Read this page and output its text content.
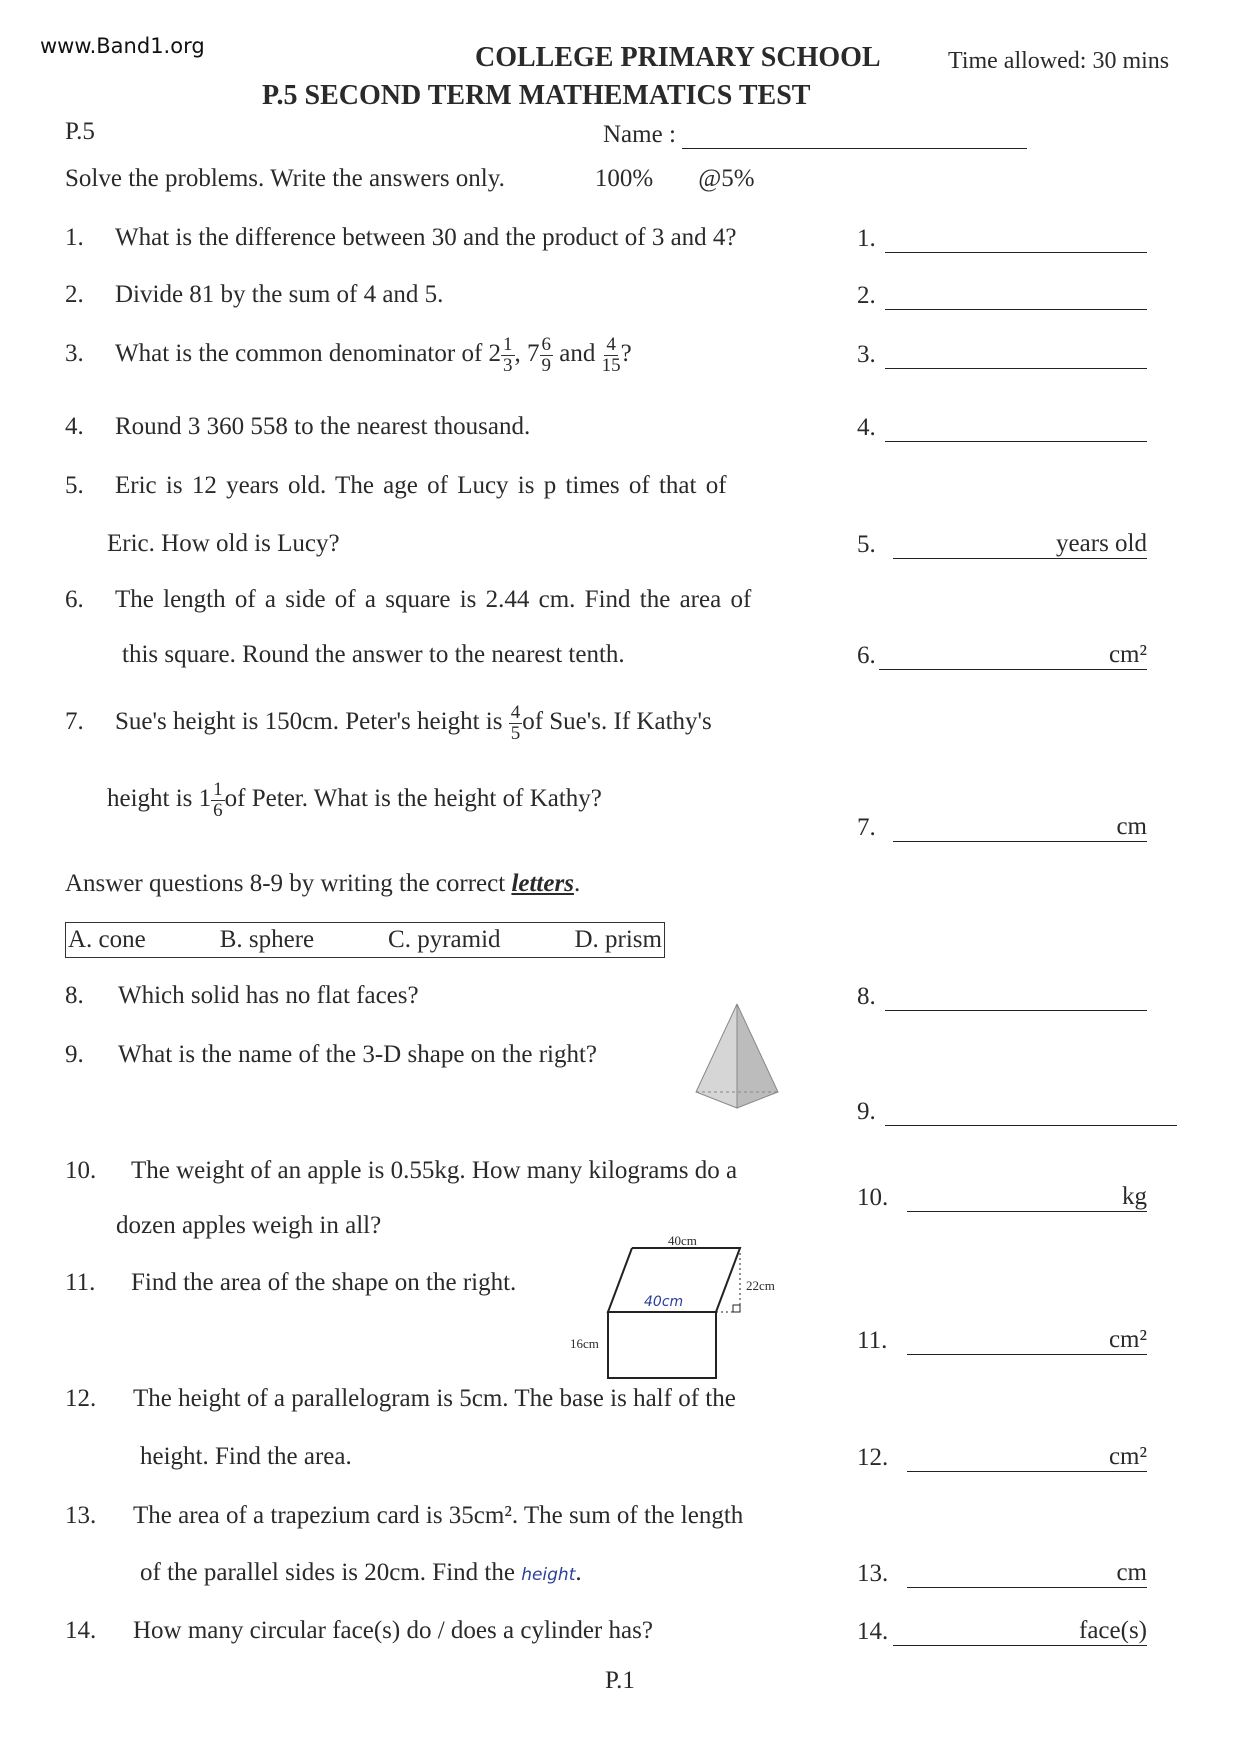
www.Band1.org	COLLEGE PRIMARY SCHOOL	Time allowed: 30 mins
P.5 SECOND TERM MATHEMATICS TEST
P.5	Name :
Solve the problems. Write the answers only.	100% @5%
1. What is the difference between 30 and the product of 3 and 4?	1.
2. Divide 81 by the sum of 4 and 5.	2.
3. What is the common denominator of $2 \frac{1}{3}$ , $7 \frac{6}{9}$ and $\frac{4}{15}$ ?	3.
4. Round 3 360 558 to the nearest thousand.	4.
5. Eric is 12 years old. The age of Lucy is p times of that of
Eric. How old is Lucy?	5.	years old
6. The length of a side of a square is 2.44 cm. Find the area of
this square. Round the answer to the nearest tenth.	6.	cm²
7. Sue's height is 150cm. Peter's height is $\frac{4}{5}$ of Sue's. If Kathy's
height is $1 \frac{1}{6}$ of Peter. What is the height of Kathy?
7.	cm
Answer questions 8-9 by writing the correct letters.
A. cone	B. sphere	C. pyramid	D. prism
8. Which solid has no flat faces?	8.
9. What is the name of the 3-D shape on the right?
9.
10. The weight of an apple is 0.55kg. How many kilograms do a
dozen apples weigh in all?
10.	kg
11. Find the area of the shape on the right.
40cm
22cm
16cm
40cm
11.	cm²
12. The height of a parallelogram is 5cm. The base is half of the
height. Find the area.	12.	cm²
13. The area of a trapezium card is 35cm². The sum of the length
of the parallel sides is 20cm. Find the height.	13.	cm
14. How many circular face(s) do / does a cylinder has?	14.	face(s)
P.1
